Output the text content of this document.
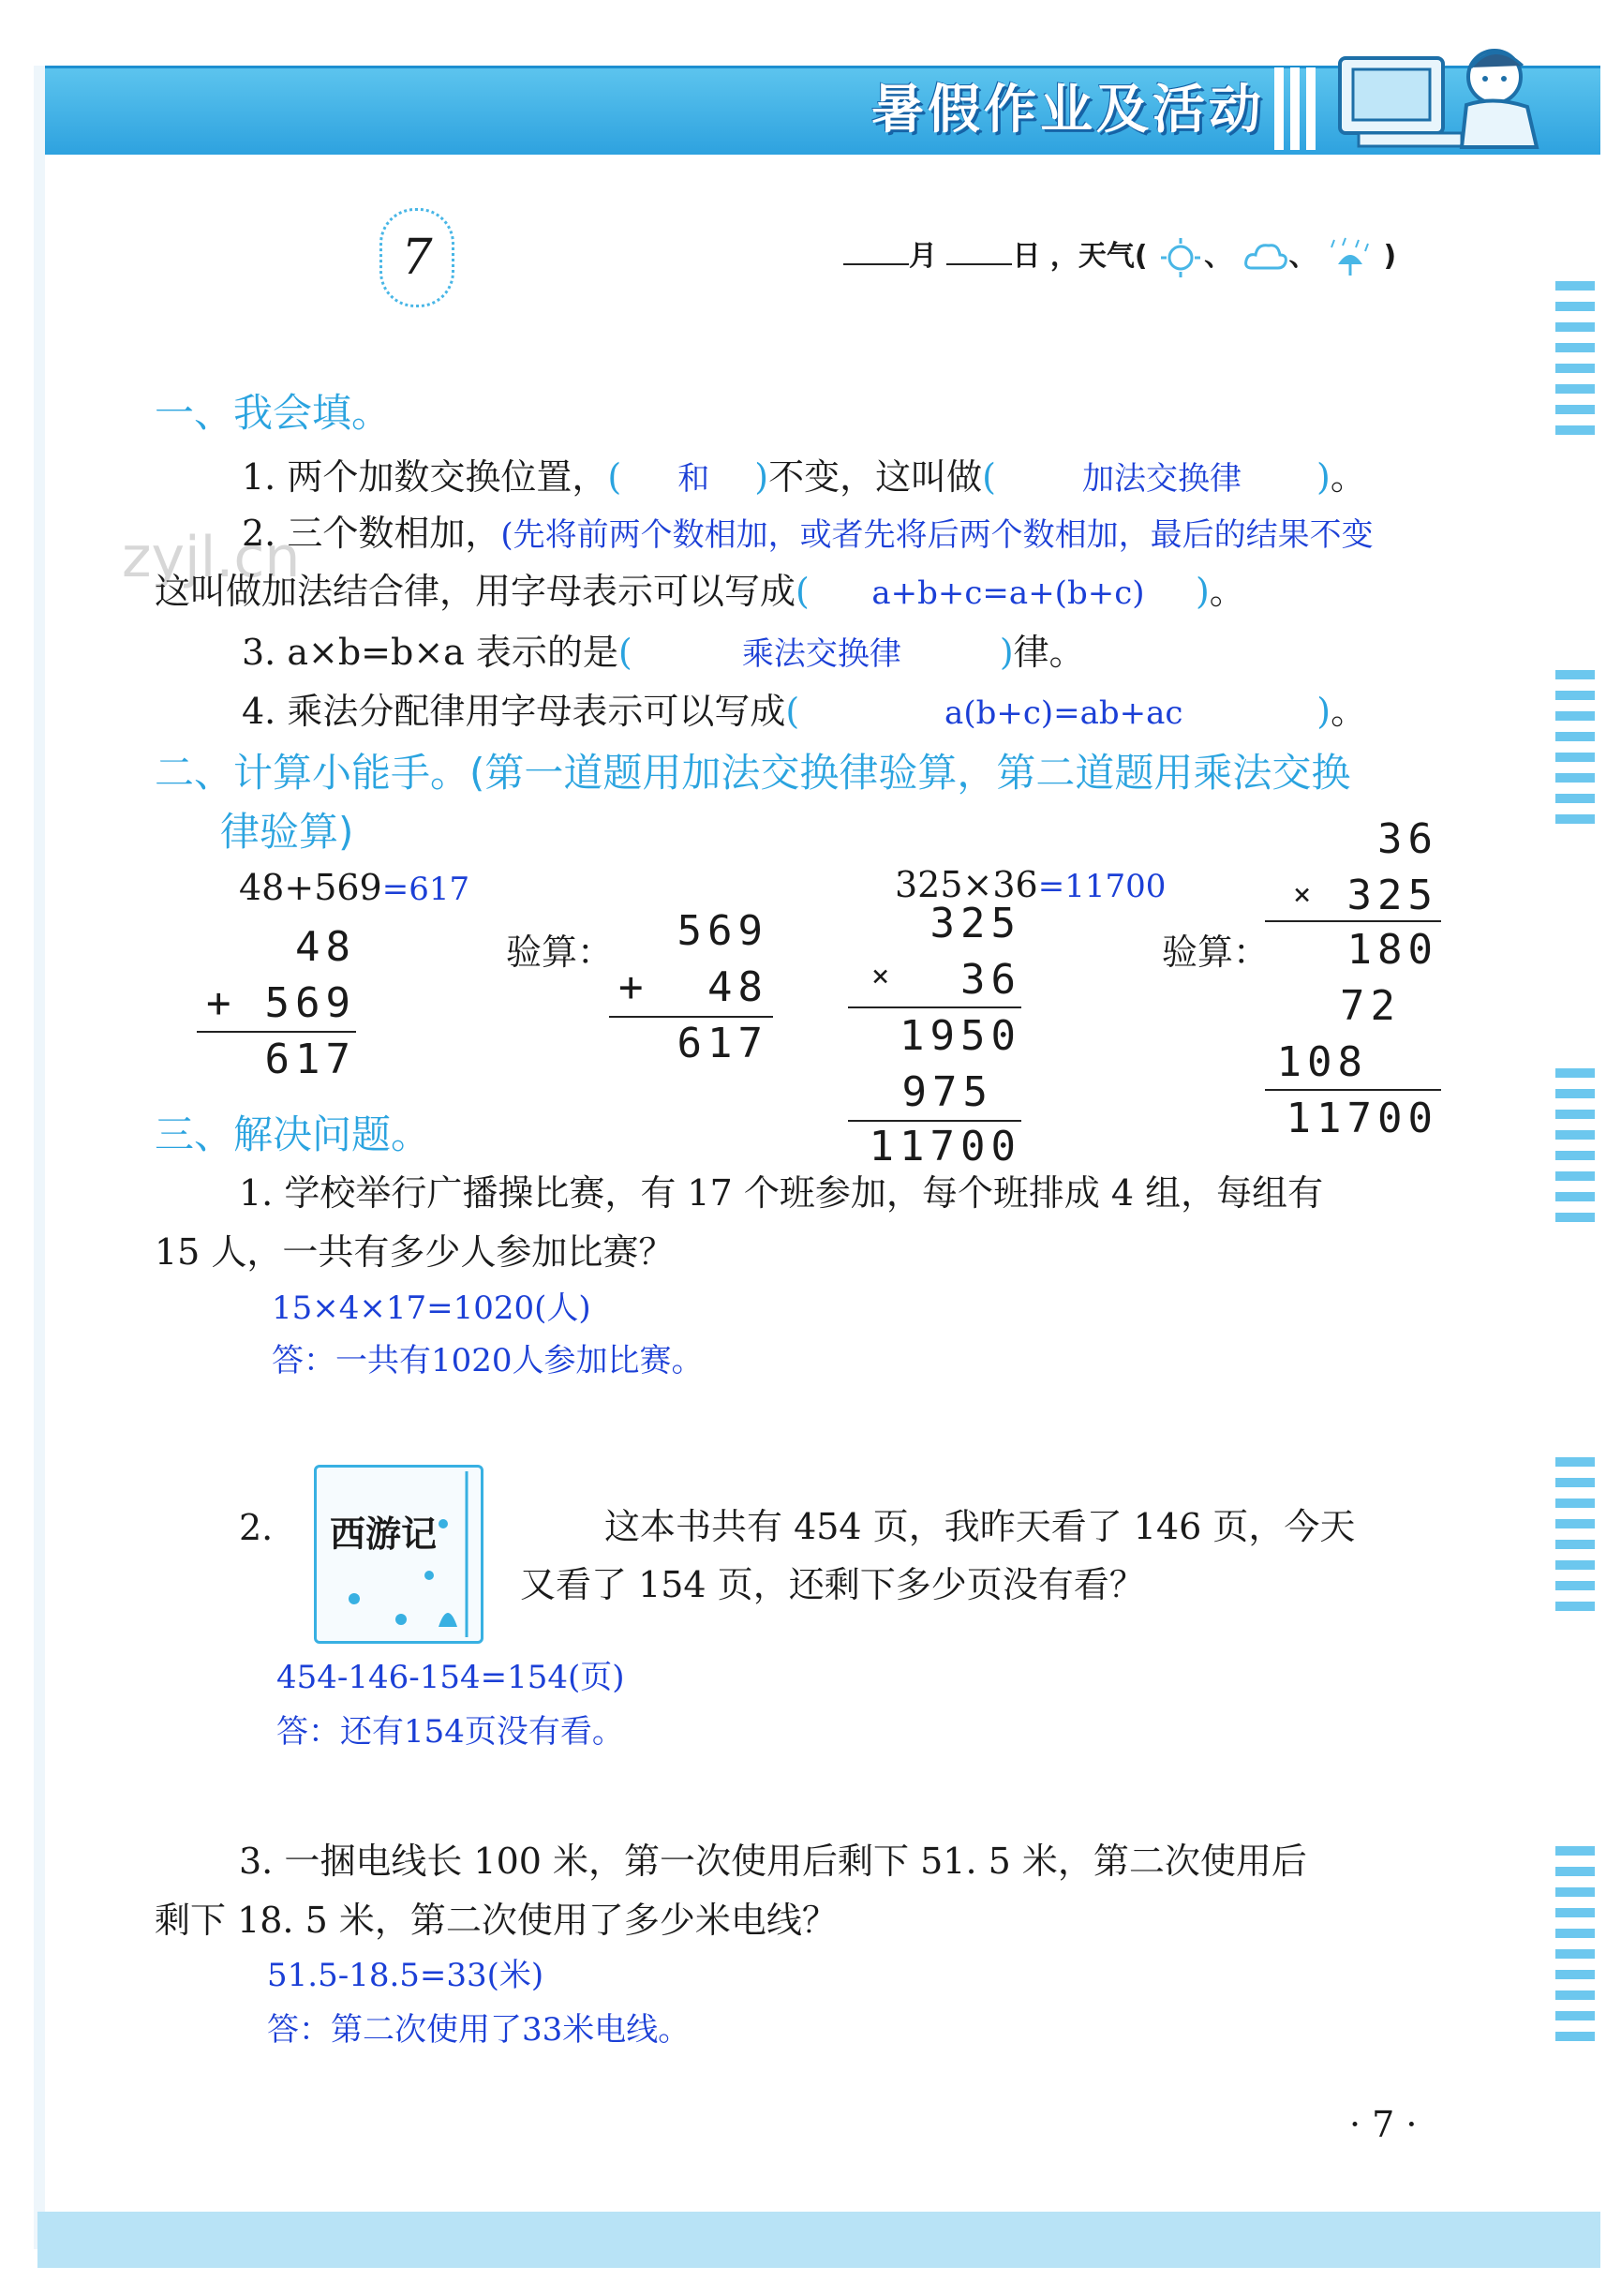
暑假作业及活动
7	月	日 ，天气( 、 、 )
zyjl.cn
一、我会填。
1. 两个加数交换位置，( 和 )不变，这叫做(	加法交换律 )。
2. 三个数相加，(先将前两个数相加，或者先将后两个数相加，最后的结果不变
这叫做加法结合律，用字母表示可以写成( a+b+c=a+(b+c) )。
3. a×b=b×a 表示的是(	乘法交换律	)律。
4. 乘法分配律用字母表示可以写成(	a(b+c)=ab+ac	)。
二、计算小能手。(第一道题用加法交换律验算，第二道题用乘法交换
律验算)
48+569=617
48
+ 569
617
验算：	569
+	48
617
325×36=11700
325
×	36
1950
975
11700
验算：
36
× 325
180
72
108
11700
三、解决问题。
1. 学校举行广播操比赛，有 17 个班参加，每个班排成 4 组，每组有
15 人，一共有多少人参加比赛？
15×4×17=1020(人)
答：一共有1020人参加比赛。
2. 西游记	这本书共有 454 页，我昨天看了 146 页，今天
又看了 154 页，还剩下多少页没有看？
454-146-154=154(页)
答：还有154页没有看。
3. 一捆电线长 100 米，第一次使用后剩下 51. 5 米，第二次使用后
剩下 18. 5 米，第二次使用了多少米电线？
51.5-18.5=33(米)
答：第二次使用了33米电线。
· 7 ·
